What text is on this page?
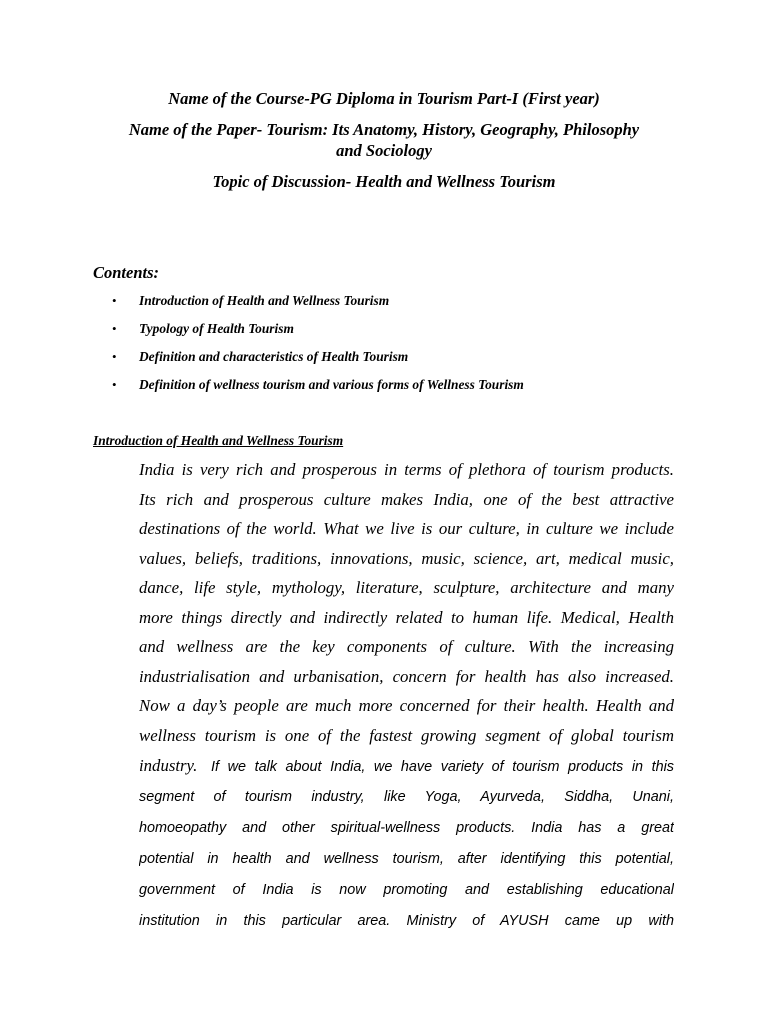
Name of the Course-PG Diploma in Tourism Part-I (First year)
Name of the Paper- Tourism: Its Anatomy, History, Geography, Philosophy
and Sociology
Topic of Discussion- Health and Wellness Tourism
Contents:
• Introduction of Health and Wellness Tourism
• Typology of Health Tourism
• Definition and characteristics of Health Tourism
• Definition of wellness tourism and various forms of Wellness Tourism
Introduction of Health and Wellness Tourism
India is very rich and prosperous in terms of plethora of tourism products.
Its rich and prosperous culture makes India, one of the best attractive
destinations of the world. What we live is our culture, in culture we include
values, beliefs, traditions, innovations, music, science, art, medical music,
dance, life style, mythology, literature, sculpture, architecture and many
more things directly and indirectly related to human life. Medical, Health
and wellness are the key components of culture. With the increasing
industrialisation and urbanisation, concern for health has also increased.
Now a day’s people are much more concerned for their health. Health and
wellness tourism is one of the fastest growing segment of global tourism
industry. If we talk about India, we have variety of tourism products in this
segment of tourism industry, like Yoga, Ayurveda, Siddha, Unani,
homoeopathy and other spiritual-wellness products. India has a great
potential in health and wellness tourism, after identifying this potential,
government of India is now promoting and establishing educational
institution in this particular area. Ministry of AYUSH came up with
